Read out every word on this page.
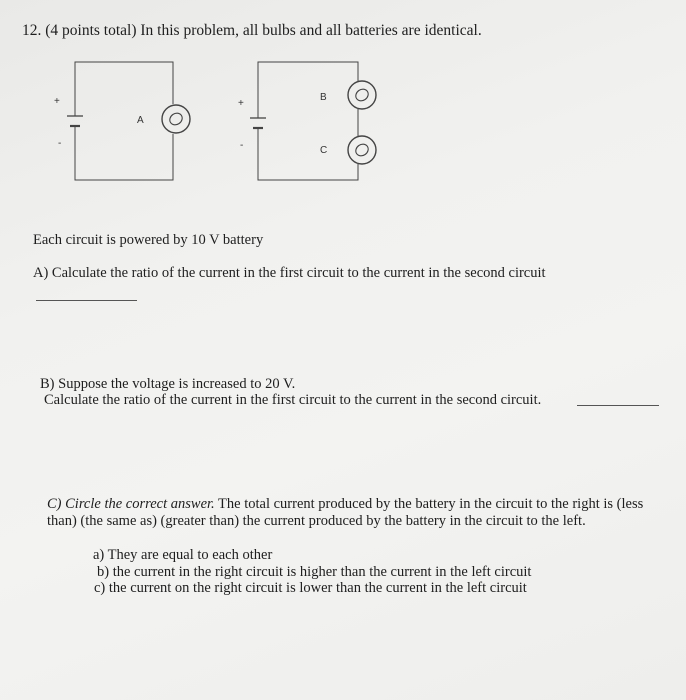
12. (4 points total) In this problem, all bulbs and all batteries are identical.
+
-
A
+
-
B
C
Each circuit is powered by 10 V battery
A) Calculate the ratio of the current in the first circuit to the current in the second circuit
B) Suppose the voltage is increased to 20 V.
Calculate the ratio of the current in the first circuit to the current in the second circuit.
C) Circle the correct answer. The total current produced by the battery in the circuit to the right is (less
than) (the same as) (greater than) the current produced by the battery in the circuit to the left.
a) They are equal to each other
b) the current in the right circuit is higher than the current in the left circuit
c) the current on the right circuit is lower than the current in the left circuit
